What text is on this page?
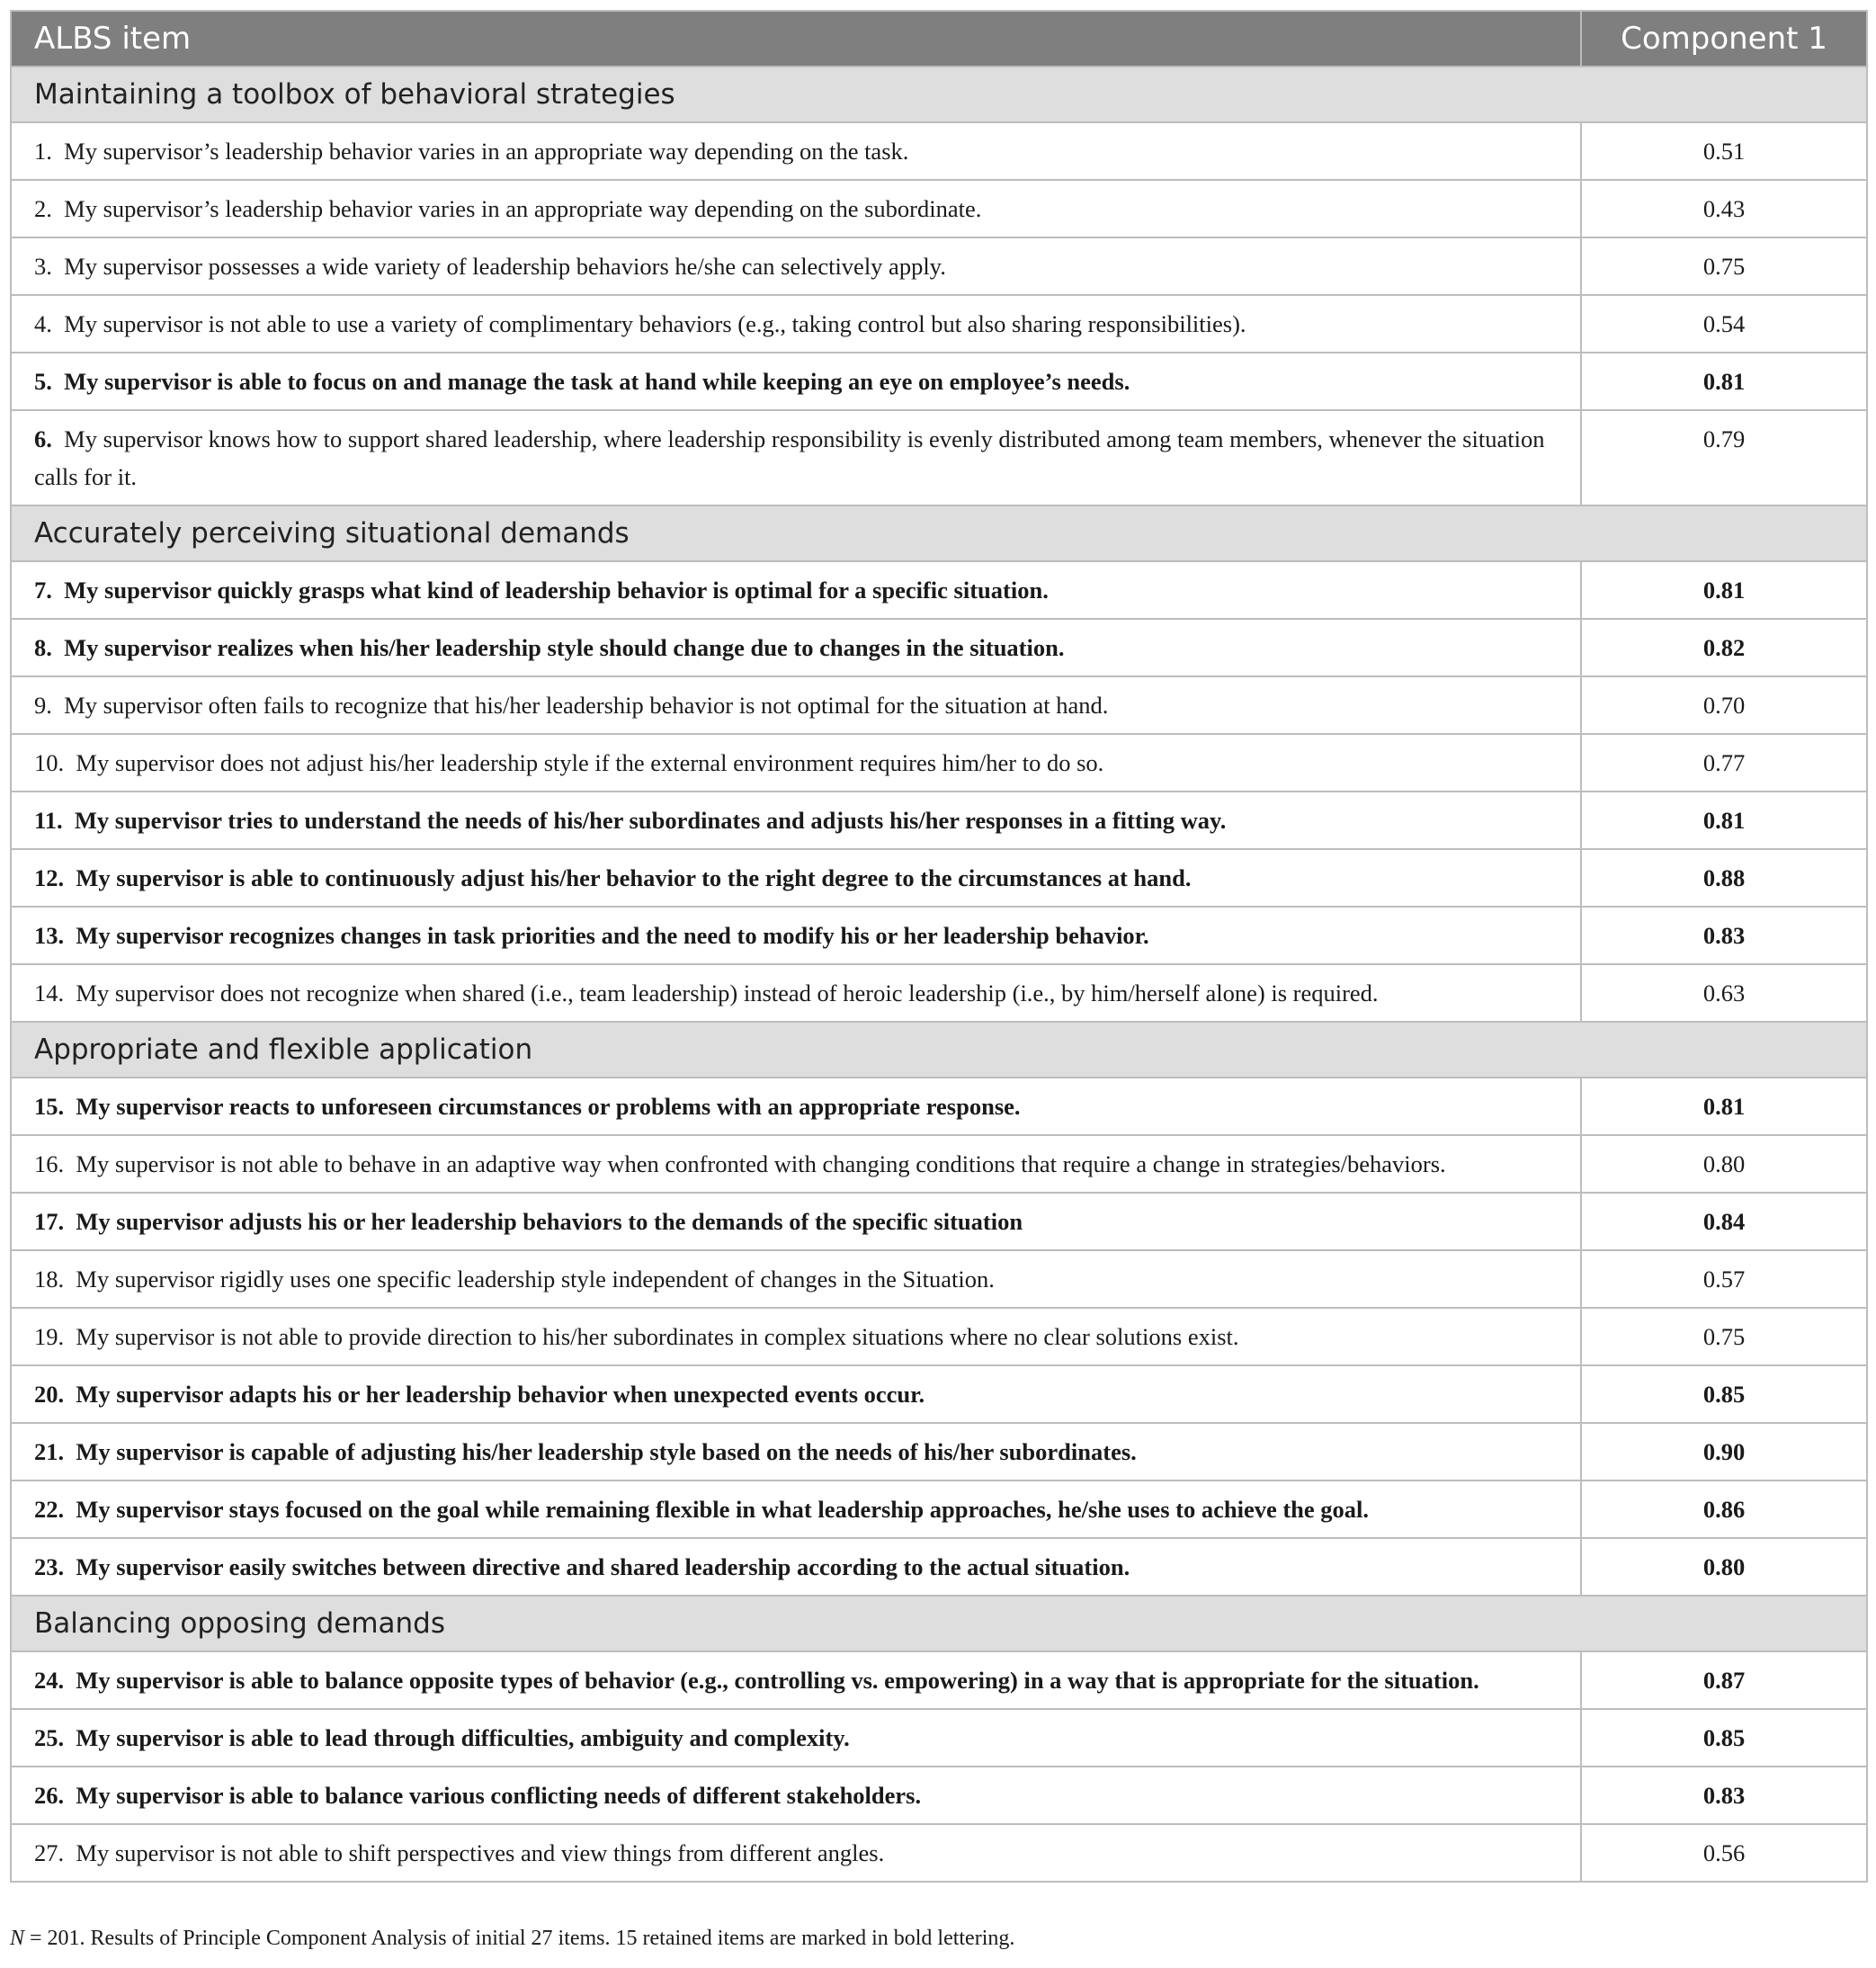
ALBS item	Component 1
Maintaining a toolbox of behavioral strategies	
1. My supervisor’s leadership behavior varies in an appropriate way depending on the task.	0.51
2. My supervisor’s leadership behavior varies in an appropriate way depending on the subordinate.	0.43
3. My supervisor possesses a wide variety of leadership behaviors he/she can selectively apply.	0.75
4. My supervisor is not able to use a variety of complimentary behaviors (e.g., taking control but also sharing responsibilities).	0.54
5. My supervisor is able to focus on and manage the task at hand while keeping an eye on employee’s needs.	0.81
6. My supervisor knows how to support shared leadership, where leadership responsibility is evenly distributed among team members, whenever the situation calls for it.	0.79
Accurately perceiving situational demands	
7. My supervisor quickly grasps what kind of leadership behavior is optimal for a specific situation.	0.81
8. My supervisor realizes when his/her leadership style should change due to changes in the situation.	0.82
9. My supervisor often fails to recognize that his/her leadership behavior is not optimal for the situation at hand.	0.70
10. My supervisor does not adjust his/her leadership style if the external environment requires him/her to do so.	0.77
11. My supervisor tries to understand the needs of his/her subordinates and adjusts his/her responses in a fitting way.	0.81
12. My supervisor is able to continuously adjust his/her behavior to the right degree to the circumstances at hand.	0.88
13. My supervisor recognizes changes in task priorities and the need to modify his or her leadership behavior.	0.83
14. My supervisor does not recognize when shared (i.e., team leadership) instead of heroic leadership (i.e., by him/herself alone) is required.	0.63
Appropriate and flexible application	
15. My supervisor reacts to unforeseen circumstances or problems with an appropriate response.	0.81
16. My supervisor is not able to behave in an adaptive way when confronted with changing conditions that require a change in strategies/behaviors.	0.80
17. My supervisor adjusts his or her leadership behaviors to the demands of the specific situation	0.84
18. My supervisor rigidly uses one specific leadership style independent of changes in the Situation.	0.57
19. My supervisor is not able to provide direction to his/her subordinates in complex situations where no clear solutions exist.	0.75
20. My supervisor adapts his or her leadership behavior when unexpected events occur.	0.85
21. My supervisor is capable of adjusting his/her leadership style based on the needs of his/her subordinates.	0.90
22. My supervisor stays focused on the goal while remaining flexible in what leadership approaches, he/she uses to achieve the goal.	0.86
23. My supervisor easily switches between directive and shared leadership according to the actual situation.	0.80
Balancing opposing demands	
24. My supervisor is able to balance opposite types of behavior (e.g., controlling vs. empowering) in a way that is appropriate for the situation.	0.87
25. My supervisor is able to lead through difficulties, ambiguity and complexity.	0.85
26. My supervisor is able to balance various conflicting needs of different stakeholders.	0.83
27. My supervisor is not able to shift perspectives and view things from different angles.	0.56
N = 201. Results of Principle Component Analysis of initial 27 items. 15 retained items are marked in bold lettering.
